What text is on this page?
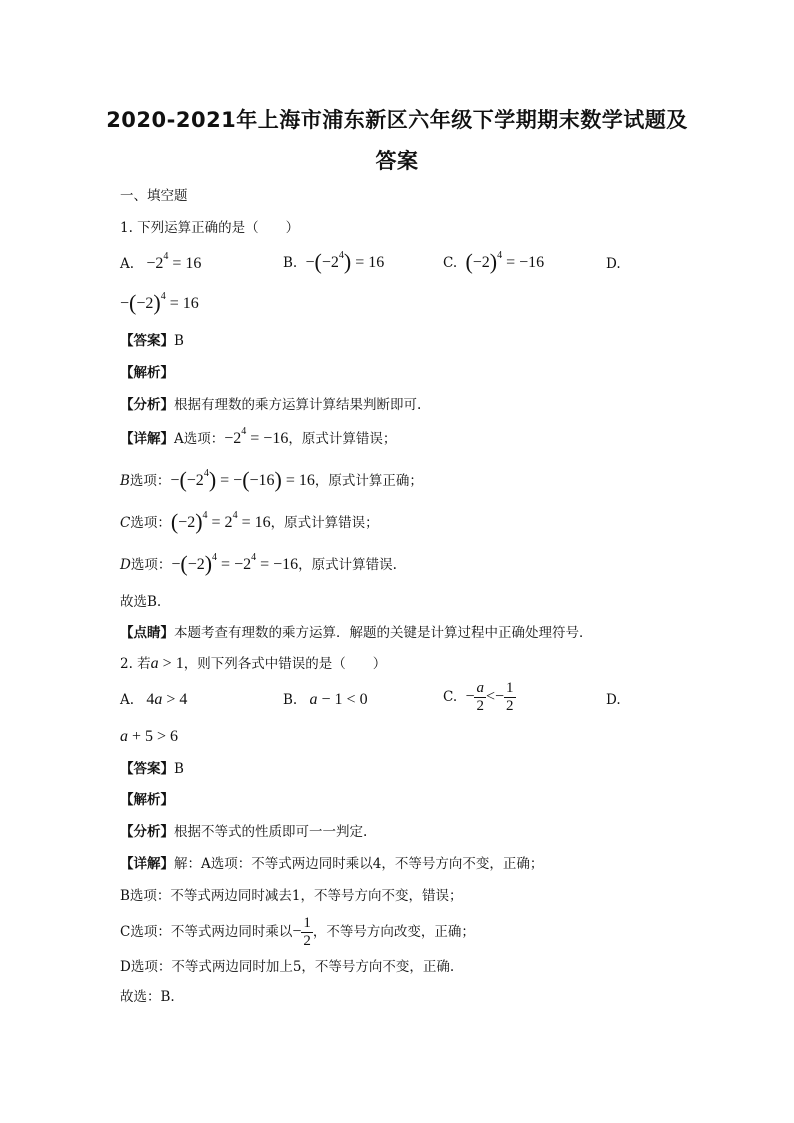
2020-2021年上海市浦东新区六年级下学期期末数学试题及
答案
一、填空题
1. 下列运算正确的是（　　）
A.   $-2^4 = 16$	B.  $-(-2^4) = 16$	C. $(-2)^4 = -16$	D.
$-(-2)^4 = 16$
【答案】B
【解析】
【分析】根据有理数的乘方运算计算结果判断即可.
【详解】A选项：$-2^4 = -16$，原式计算错误；
B选项：$-(-2^4) = -(-16) = 16$，原式计算正确；
C选项：$(-2)^4 = 2^4 = 16$，原式计算错误；
D选项：$-(-2)^4 = -2^4 = -16$，原式计算错误.
故选B.
【点睛】本题考查有理数的乘方运算．解题的关键是计算过程中正确处理符号．
2. 若a > 1，则下列各式中错误的是（　　）
A.   4a > 4	B. a − 1 < 0	C.  − $\frac{a}{2} <- \frac{1}{2}$	D.
a + 5 > 6
【答案】B
【解析】
【分析】根据不等式的性质即可一一判定.
【详解】解：A选项：不等式两边同时乘以4，不等号方向不变，正确；
B选项：不等式两边同时减去1，不等号方向不变，错误；
C选项：不等式两边同时乘以− $\frac{1}{2}$ ，不等号方向改变，正确；
D选项：不等式两边同时加上5，不等号方向不变，正确.
故选：B.
